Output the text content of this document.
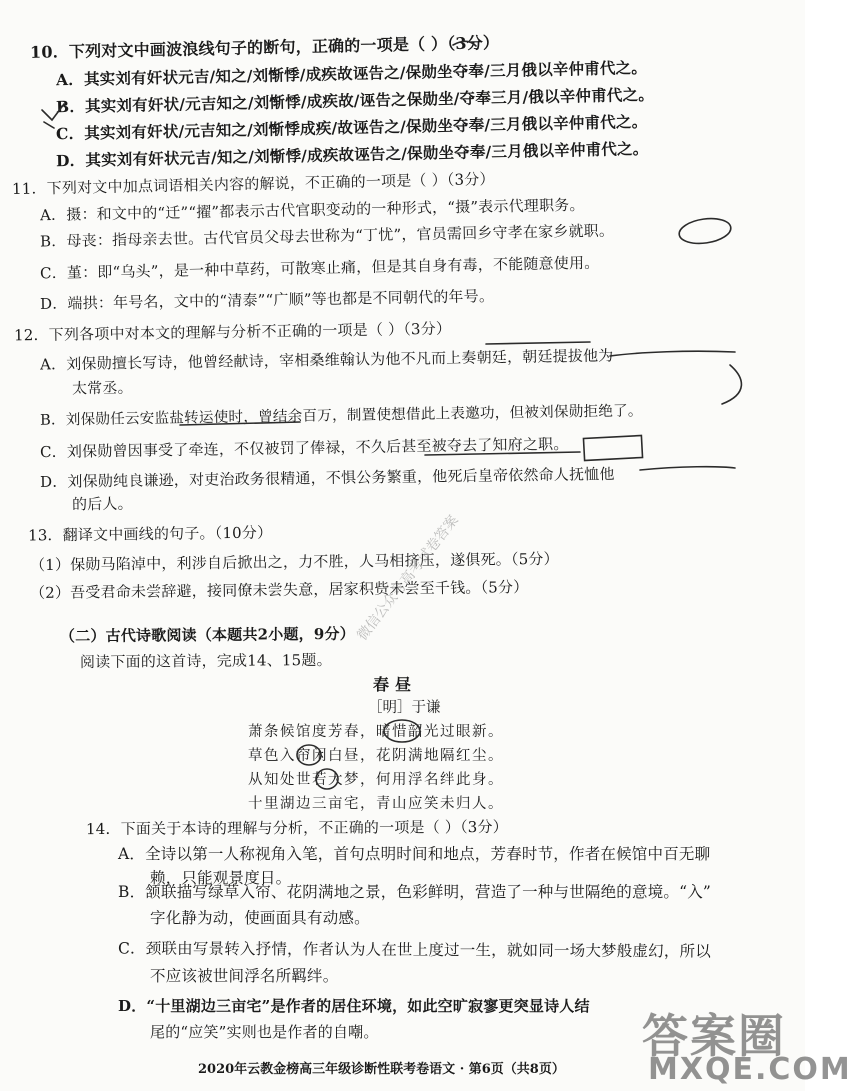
10．下列对文中画波浪线句子的断句，正确的一项是（ ）（3分）
A．其实刘有奸状元吉/知之/刘惭悸/成疾故诬告之/保勋坐夺奉/三月俄以辛仲甫代之。
B．其实刘有奸状/元吉知之/刘惭悸/成疾故/诬告之保勋坐/夺奉三月/俄以辛仲甫代之。
C．其实刘有奸状/元吉知之/刘惭悸成疾/故诬告之/保勋坐夺奉/三月俄以辛仲甫代之。
D．其实刘有奸状元吉/知之/刘惭悸/成疾故诬告之/保勋坐夺奉/三月俄以辛仲甫代之。
11．下列对文中加点词语相关内容的解说，不正确的一项是（ ）（3分）
A．摄：和文中的“迁”“擢”都表示古代官职变动的一种形式，“摄”表示代理职务。
B．母丧：指母亲去世。古代官员父母去世称为“丁忧”，官员需回乡守孝在家乡就职。
C．堇：即“乌头”，是一种中草药，可散寒止痛，但是其自身有毒，不能随意使用。
D．端拱：年号名，文中的“清泰”“广顺”等也都是不同朝代的年号。
12．下列各项中对本文的理解与分析不正确的一项是（ ）（3分）
A．刘保勋擅长写诗，他曾经献诗，宰相桑维翰认为他不凡而上奏朝廷，朝廷提拔他为
太常丞。
B．刘保勋任云安监盐转运使时，曾结余百万，制置使想借此上表邀功，但被刘保勋拒绝了。
C．刘保勋曾因事受了牵连，不仅被罚了俸禄，不久后甚至被夺去了知府之职。
D．刘保勋纯良谦逊，对吏治政务很精通，不惧公务繁重，他死后皇帝依然命人抚恤他
的后人。
13．翻译文中画线的句子。（10分）
（1）保勋马陷淖中，利涉自后掀出之，力不胜，人马相挤压，遂俱死。（5分）
（2）吾受君命未尝辞避，接同僚未尝失意，居家积赀未尝至千钱。（5分）
（二）古代诗歌阅读（本题共2小题，9分）
阅读下面的这首诗，完成14、15题。
春昼
［明］于谦
萧条候馆度芳春，暗惜韶光过眼新。
草色入帘闲白昼，花阴满地隔红尘。
从知处世若大梦，何用浮名绊此身。
十里湖边三亩宅，青山应笑未归人。
14．下面关于本诗的理解与分析，不正确的一项是（ ）（3分）
A．全诗以第一人称视角入笔，首句点明时间和地点，芳春时节，作者在候馆中百无聊
赖，只能观景度日。
B．颔联描写绿草入帘、花阴满地之景，色彩鲜明，营造了一种与世隔绝的意境。“入”
字化静为动，使画面具有动感。
C．颈联由写景转入抒情，作者认为人在世上度过一生，就如同一场大梦般虚幻，所以
不应该被世间浮名所羁绊。
D．“十里湖边三亩宅”是作者的居住环境，如此空旷寂寥更突显诗人结
尾的“应笑”实则也是作者的自嘲。
2020年云教金榜高三年级诊断性联考卷语文 · 第6页（共8页）
微信公众号高考试卷答案
答案圈
MXQE.COM
